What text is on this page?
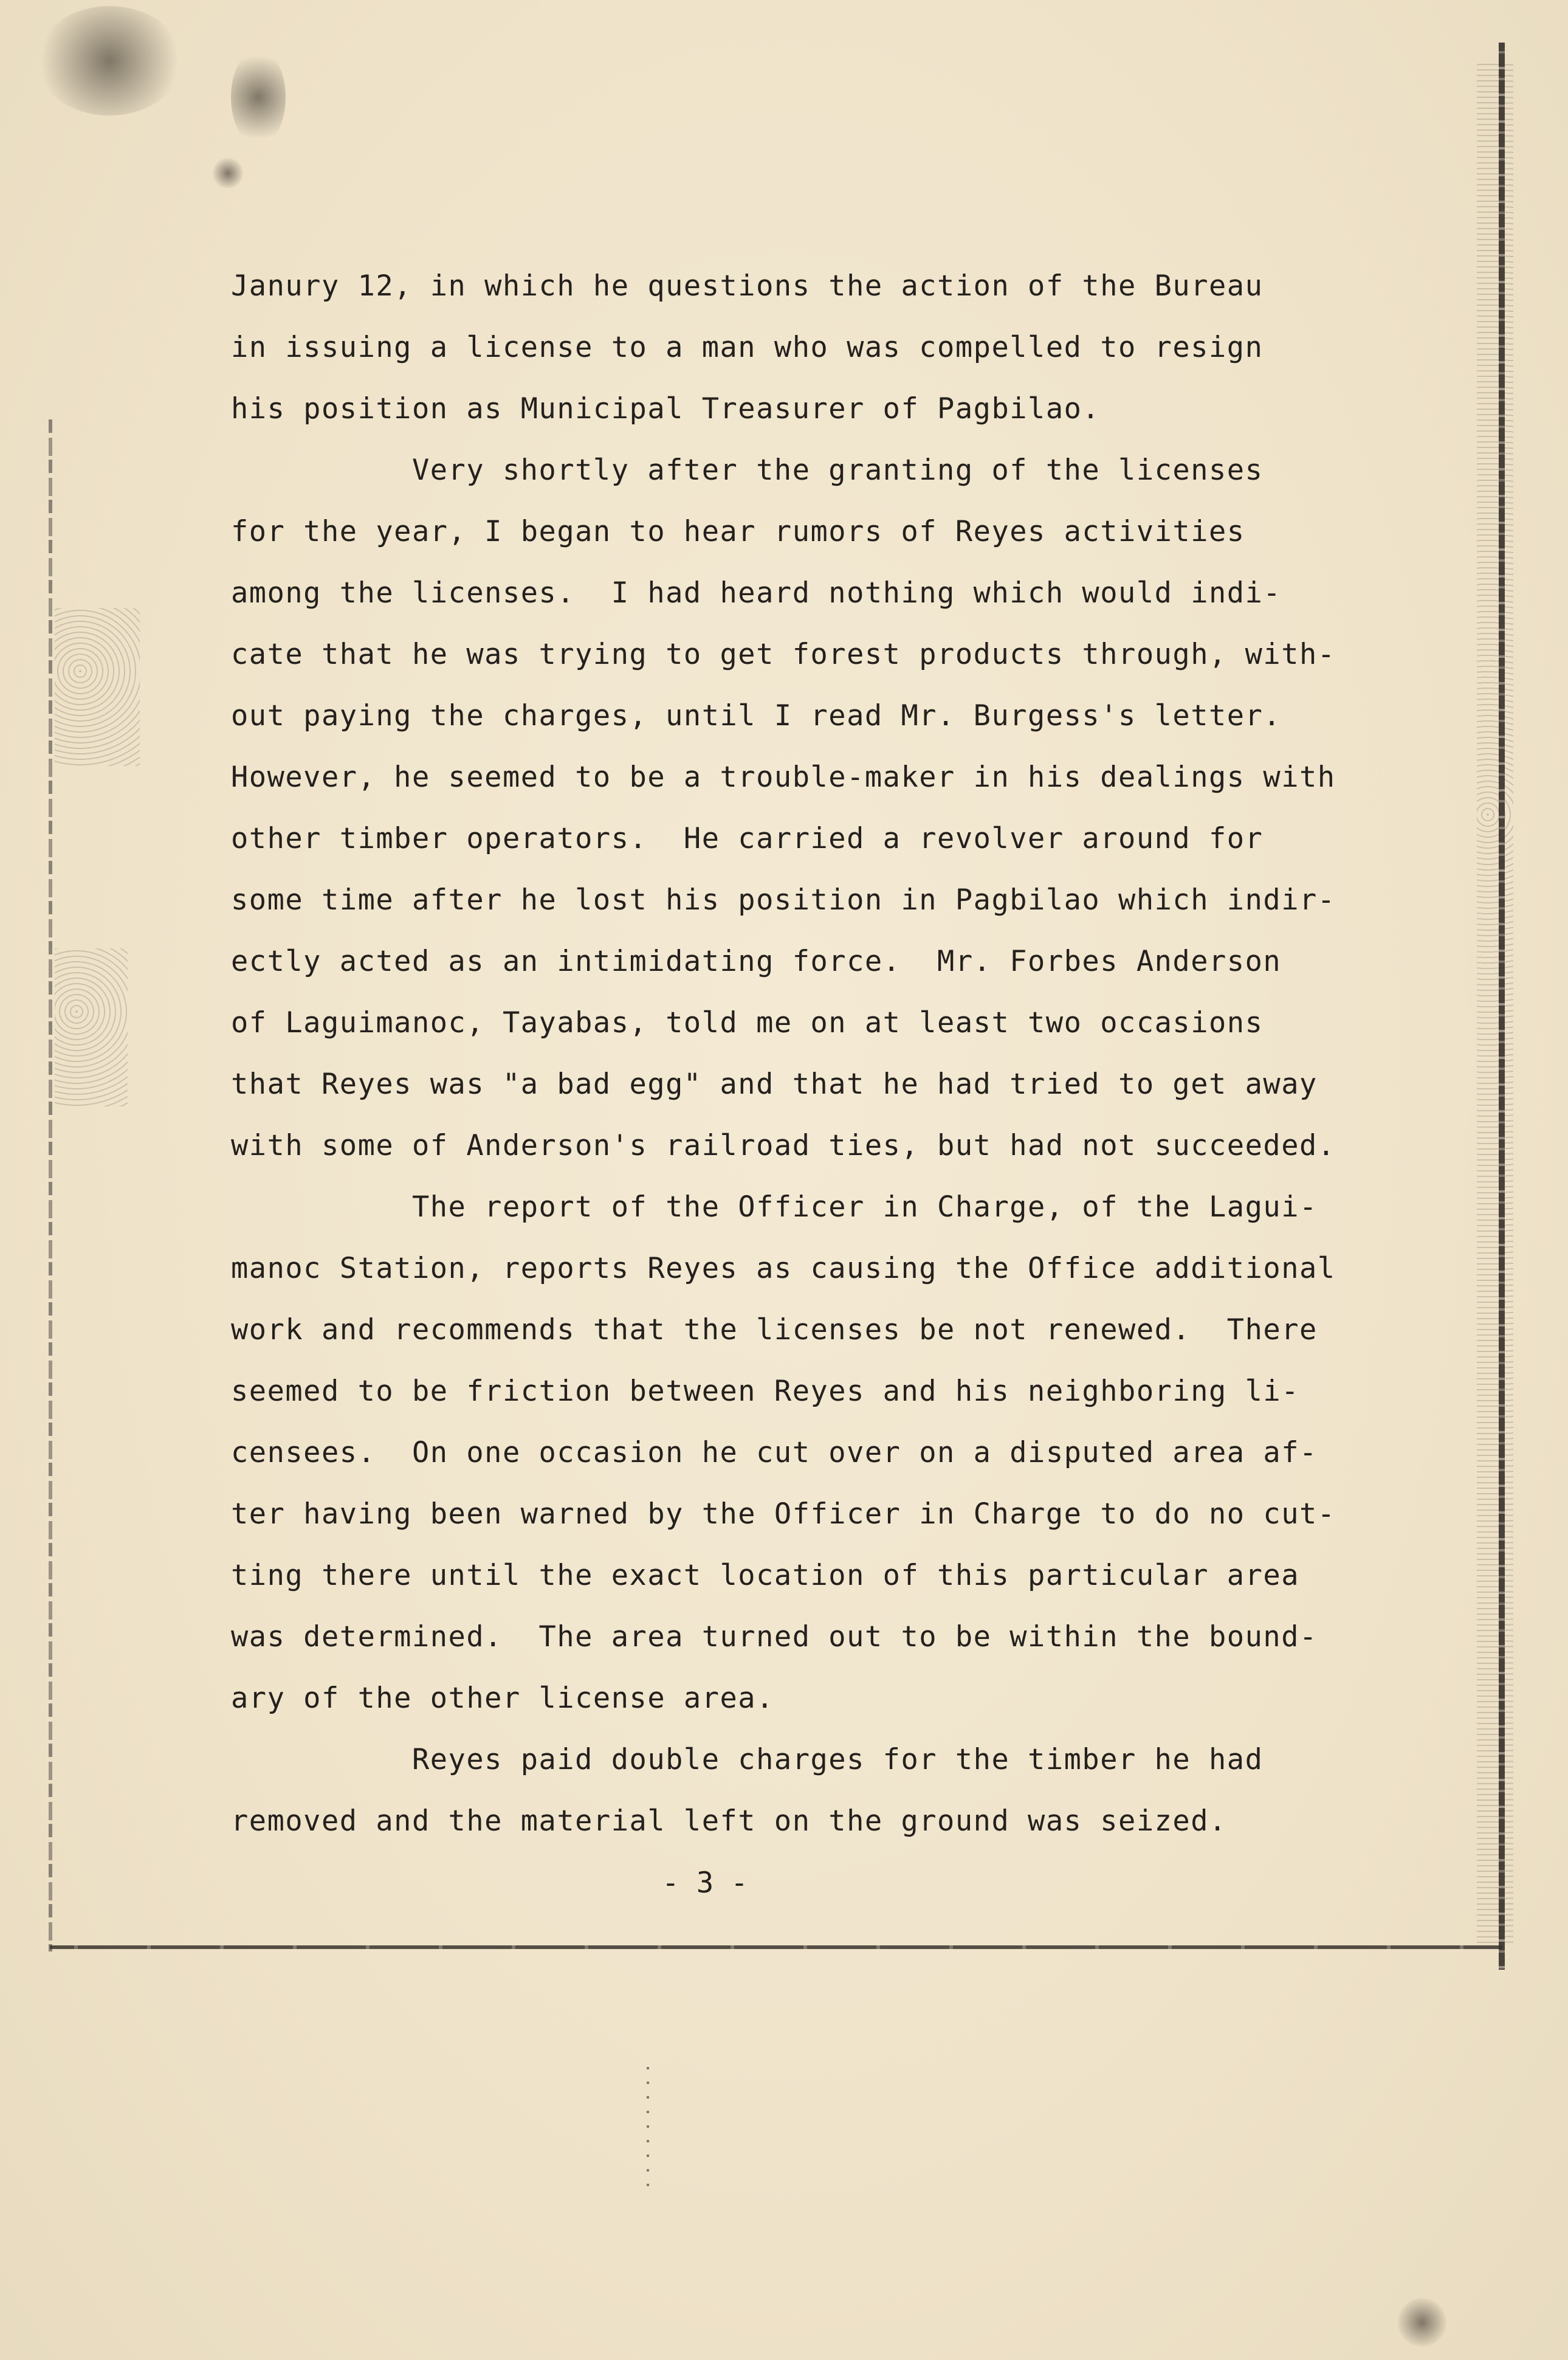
Janury 12, in which he questions the action of the Bureau
in issuing a license to a man who was compelled to resign
his position as Municipal Treasurer of Pagbilao.
Very shortly after the granting of the licenses
for the year, I began to hear rumors of Reyes activities
among the licenses.  I had heard nothing which would indi-
cate that he was trying to get forest products through, with-
out paying the charges, until I read Mr. Burgess's letter.
However, he seemed to be a trouble-maker in his dealings with
other timber operators.  He carried a revolver around for
some time after he lost his position in Pagbilao which indir-
ectly acted as an intimidating force.  Mr. Forbes Anderson
of Laguimanoc, Tayabas, told me on at least two occasions
that Reyes was "a bad egg" and that he had tried to get away
with some of Anderson's railroad ties, but had not succeeded.
The report of the Officer in Charge, of the Lagui-
manoc Station, reports Reyes as causing the Office additional
work and recommends that the licenses be not renewed.  There
seemed to be friction between Reyes and his neighboring li-
censees.  On one occasion he cut over on a disputed area af-
ter having been warned by the Officer in Charge to do no cut-
ting there until the exact location of this particular area
was determined.  The area turned out to be within the bound-
ary of the other license area.
Reyes paid double charges for the timber he had
removed and the material left on the ground was seized.
- 3 -
